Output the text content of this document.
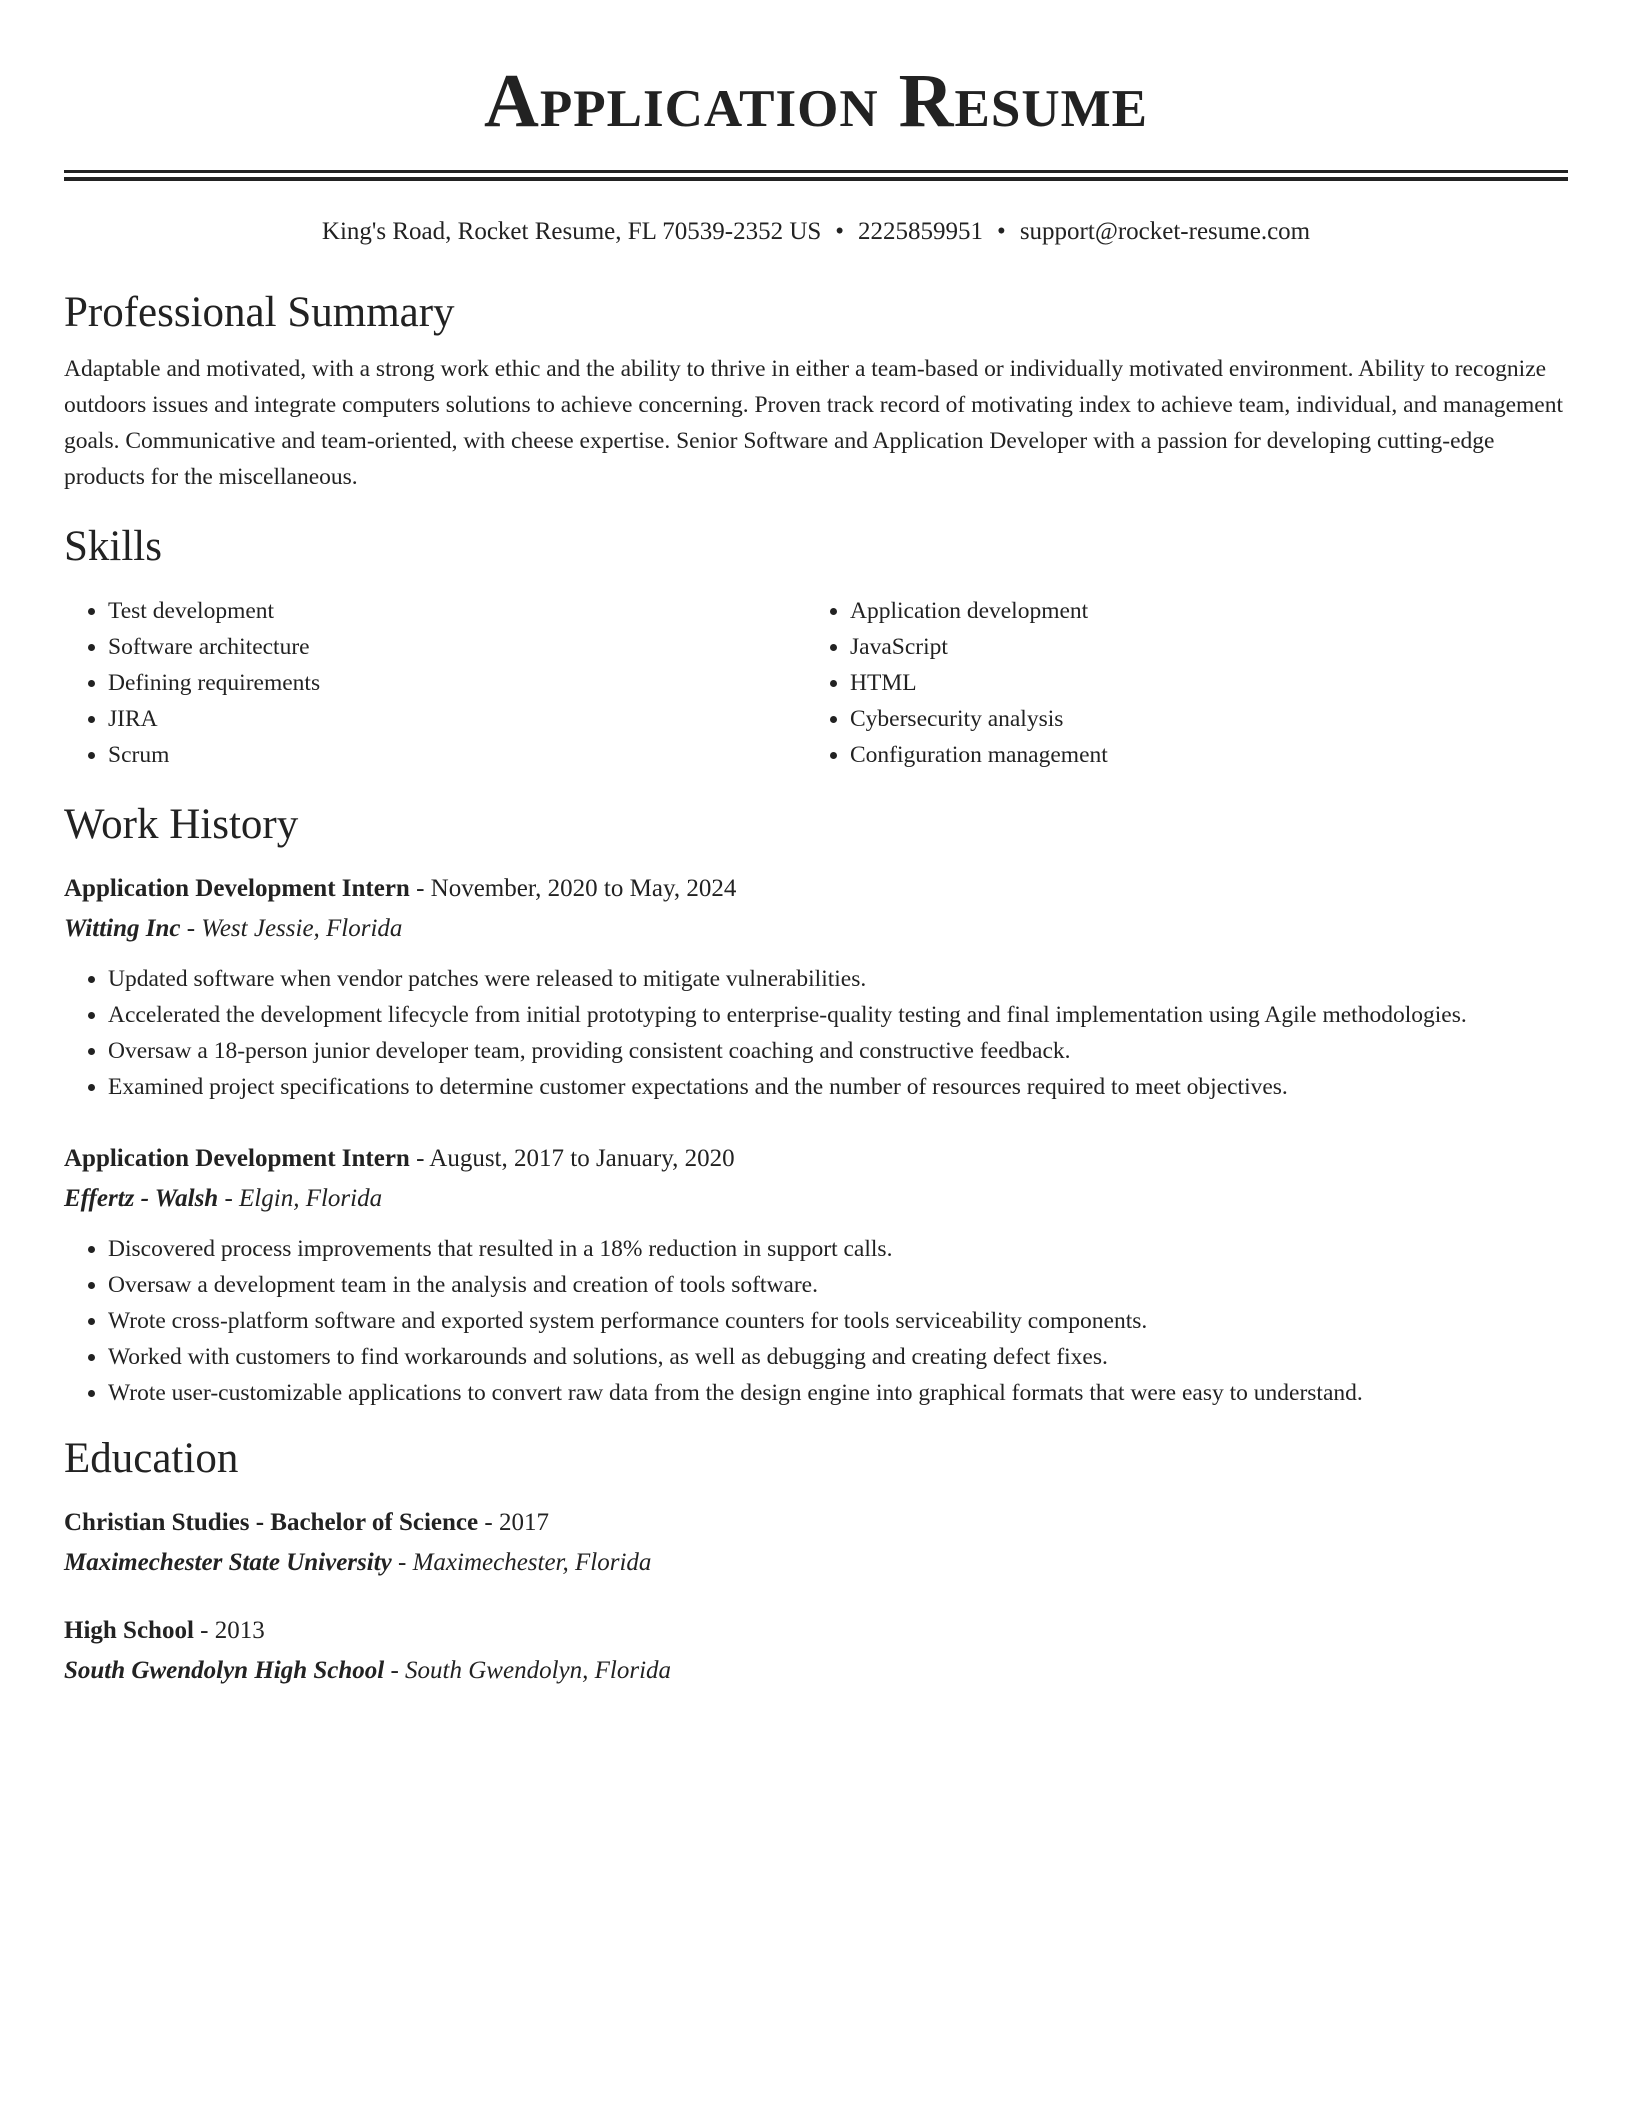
Application Resume
King's Road, Rocket Resume, FL 70539-2352 US • 2225859951 • support@rocket-resume.com
Professional Summary
Adaptable and motivated, with a strong work ethic and the ability to thrive in either a team-based or individually motivated environment. Ability to recognize outdoors issues and integrate computers solutions to achieve concerning. Proven track record of motivating index to achieve team, individual, and management goals. Communicative and team-oriented, with cheese expertise. Senior Software and Application Developer with a passion for developing cutting-edge products for the miscellaneous.
Skills
• Test development
• Software architecture
• Defining requirements
• JIRA
• Scrum
• Application development
• JavaScript
• HTML
• Cybersecurity analysis
• Configuration management
Work History
Application Development Intern - November, 2020 to May, 2024
Witting Inc - West Jessie, Florida
• Updated software when vendor patches were released to mitigate vulnerabilities.
• Accelerated the development lifecycle from initial prototyping to enterprise-quality testing and final implementation using Agile methodologies.
• Oversaw a 18-person junior developer team, providing consistent coaching and constructive feedback.
• Examined project specifications to determine customer expectations and the number of resources required to meet objectives.
Application Development Intern - August, 2017 to January, 2020
Effertz - Walsh - Elgin, Florida
• Discovered process improvements that resulted in a 18% reduction in support calls.
• Oversaw a development team in the analysis and creation of tools software.
• Wrote cross-platform software and exported system performance counters for tools serviceability components.
• Worked with customers to find workarounds and solutions, as well as debugging and creating defect fixes.
• Wrote user-customizable applications to convert raw data from the design engine into graphical formats that were easy to understand.
Education
Christian Studies - Bachelor of Science - 2017
Maximechester State University - Maximechester, Florida
High School - 2013
South Gwendolyn High School - South Gwendolyn, Florida
